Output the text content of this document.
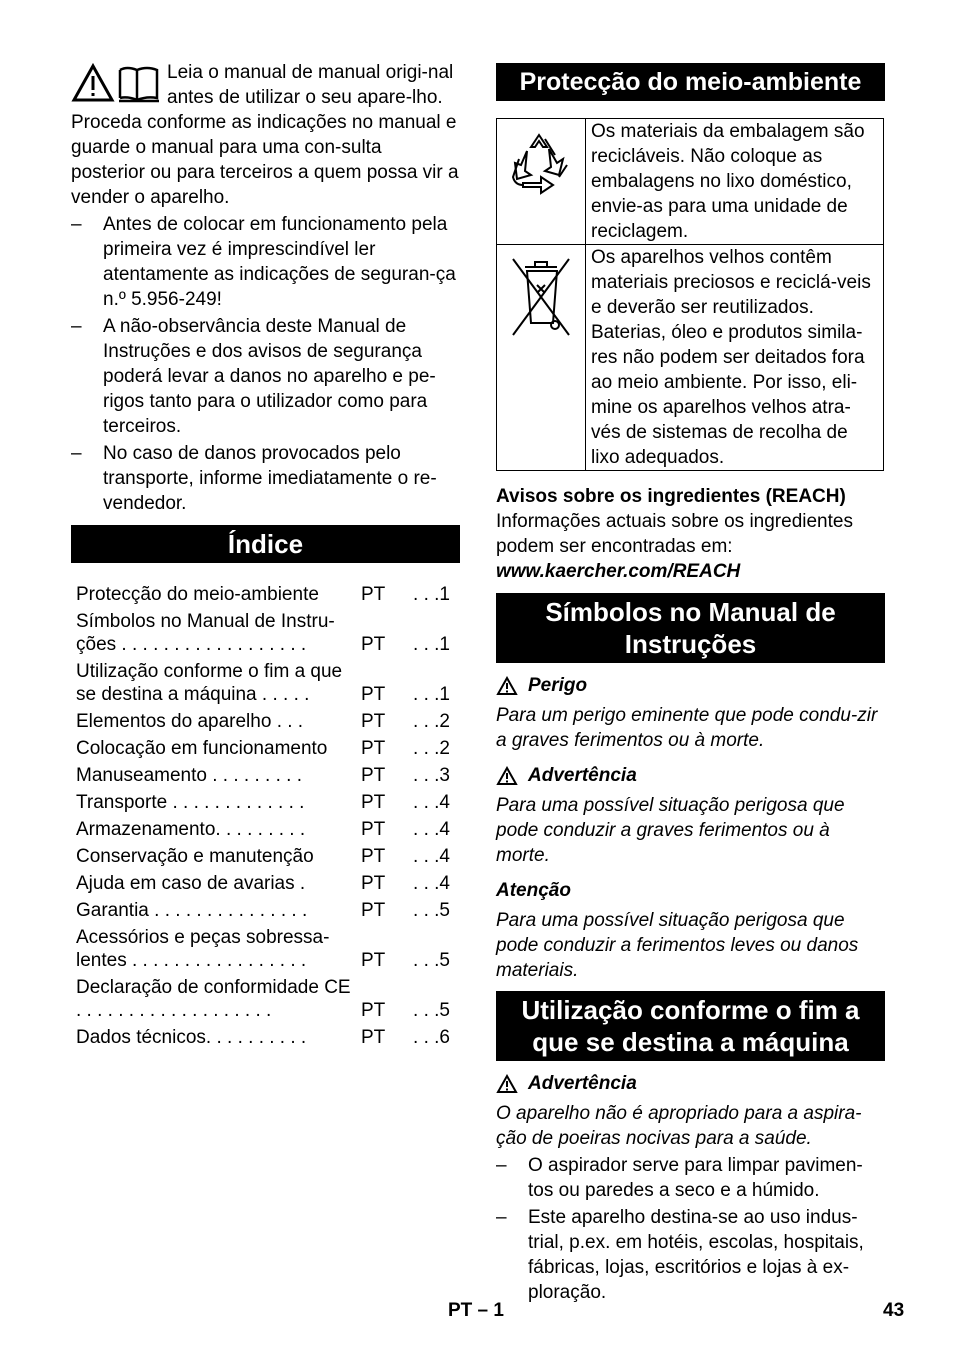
Leia o manual de manual origi-nal antes de utilizar o seu apare-lho. Proceda conforme as indicações no manual e guarde o manual para uma con-sulta posterior ou para terceiros a quem possa vir a vender o aparelho.

– Antes de colocar em funcionamento pela primeira vez é imprescindível ler atentamente as indicações de seguran-ça n.º 5.956-249!
– A não-observância deste Manual de Instruções e dos avisos de segurança poderá levar a danos no aparelho e pe-rigos tanto para o utilizador como para terceiros.
– No caso de danos provocados pelo transporte, informe imediatamente o re-vendedor.
Índice
Protecção do meio-ambiente	PT	. . .1
Símbolos no Manual de Instru-ções . . . . . . . . . . . . . . . . . .	PT	. . .1
Utilização conforme o fim a que se destina a máquina . . . . .	PT	. . .1
Elementos do aparelho . . .	PT	. . .2
Colocação em funcionamento	PT	. . .2
Manuseamento . . . . . . . . .	PT	. . .3
Transporte . . . . . . . . . . . . .	PT	. . .4
Armazenamento. . . . . . . . .	PT	. . .4
Conservação e manutenção	PT	. . .4
Ajuda em caso de avarias .	PT	. . .4
Garantia . . . . . . . . . . . . . . .	PT	. . .5
Acessórios e peças sobressa-lentes . . . . . . . . . . . . . . . . .	PT	. . .5
Declaração de conformidade CE . . . . . . . . . . . . . . . . . . .	PT	. . .5
Dados técnicos. . . . . . . . . .	PT	. . .6
Protecção do meio-ambiente
	Os materiais da embalagem são recicláveis. Não coloque as embalagens no lixo doméstico, envie-as para uma unidade de reciclagem.
	Os aparelhos velhos contêm materiais preciosos e reciclá-veis e deverão ser reutilizados. Baterias, óleo e produtos simila-res não podem ser deitados fora ao meio ambiente. Por isso, eli-mine os aparelhos velhos atra-vés de sistemas de recolha de lixo adequados.

Avisos sobre os ingredientes (REACH)

Informações actuais sobre os ingredientes podem ser encontradas em:

www.kaercher.com/REACH

Símbolos no Manual de Instruções
Perigo

Para um perigo eminente que pode condu-zir a graves ferimentos ou à morte.

Advertência

Para uma possível situação perigosa que pode conduzir a graves ferimentos ou à morte.

Atenção

Para uma possível situação perigosa que pode conduzir a ferimentos leves ou danos materiais.

Utilização conforme o fim a que se destina a máquina
Advertência

O aparelho não é apropriado para a aspira-ção de poeiras nocivas para a saúde.

– O aspirador serve para limpar pavimen-tos ou paredes a seco e a húmido.
– Este aparelho destina-se ao uso indus-trial, p.ex. em hotéis, escolas, hospitais, fábricas, lojas, escritórios e lojas à ex-ploração.
PT – 1	43
